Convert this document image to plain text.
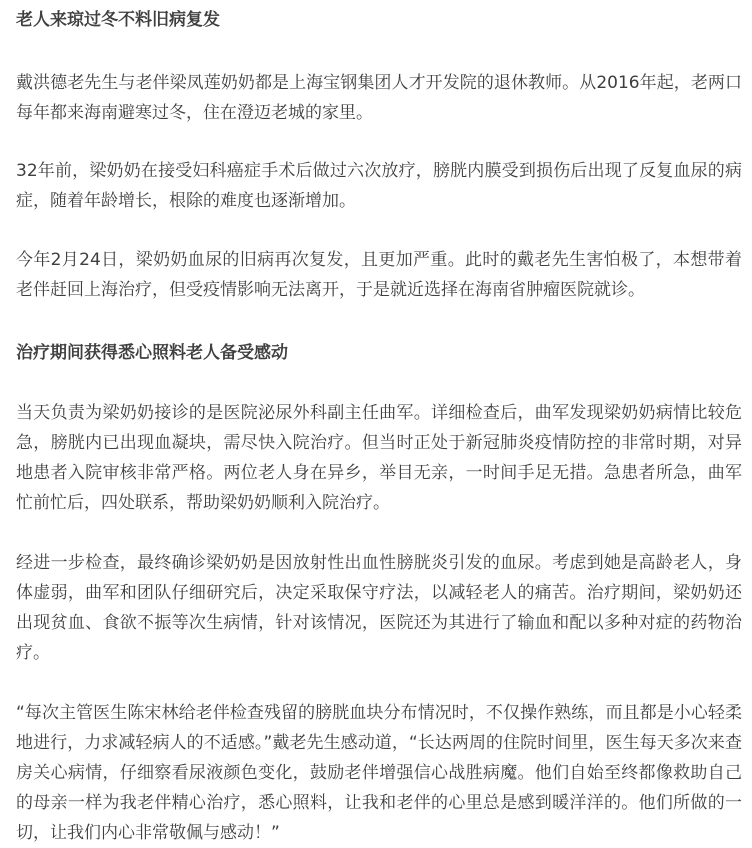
老人来琼过冬不料旧病复发
戴洪德老先生与老伴梁凤莲奶奶都是上海宝钢集团人才开发院的退休教师。从2016年起，老两口每年都来海南避寒过冬，住在澄迈老城的家里。
32年前，梁奶奶在接受妇科癌症手术后做过六次放疗，膀胱内膜受到损伤后出现了反复血尿的病症，随着年龄增长，根除的难度也逐渐增加。
今年2月24日，梁奶奶血尿的旧病再次复发，且更加严重。此时的戴老先生害怕极了，本想带着老伴赶回上海治疗，但受疫情影响无法离开，于是就近选择在海南省肿瘤医院就诊。
治疗期间获得悉心照料老人备受感动
当天负责为梁奶奶接诊的是医院泌尿外科副主任曲军。详细检查后，曲军发现梁奶奶病情比较危急，膀胱内已出现血凝块，需尽快入院治疗。但当时正处于新冠肺炎疫情防控的非常时期，对异地患者入院审核非常严格。两位老人身在异乡，举目无亲，一时间手足无措。急患者所急，曲军忙前忙后，四处联系，帮助梁奶奶顺利入院治疗。
经进一步检查，最终确诊梁奶奶是因放射性出血性膀胱炎引发的血尿。考虑到她是高龄老人，身体虚弱，曲军和团队仔细研究后，决定采取保守疗法，以减轻老人的痛苦。治疗期间，梁奶奶还出现贫血、食欲不振等次生病情，针对该情况，医院还为其进行了输血和配以多种对症的药物治疗。
“每次主管医生陈宋林给老伴检查残留的膀胱血块分布情况时，不仅操作熟练，而且都是小心轻柔地进行，力求减轻病人的不适感。”戴老先生感动道，“长达两周的住院时间里，医生每天多次来查房关心病情，仔细察看尿液颜色变化，鼓励老伴增强信心战胜病魔。他们自始至终都像救助自己的母亲一样为我老伴精心治疗，悉心照料，让我和老伴的心里总是感到暖洋洋的。他们所做的一切，让我们内心非常敬佩与感动！”
